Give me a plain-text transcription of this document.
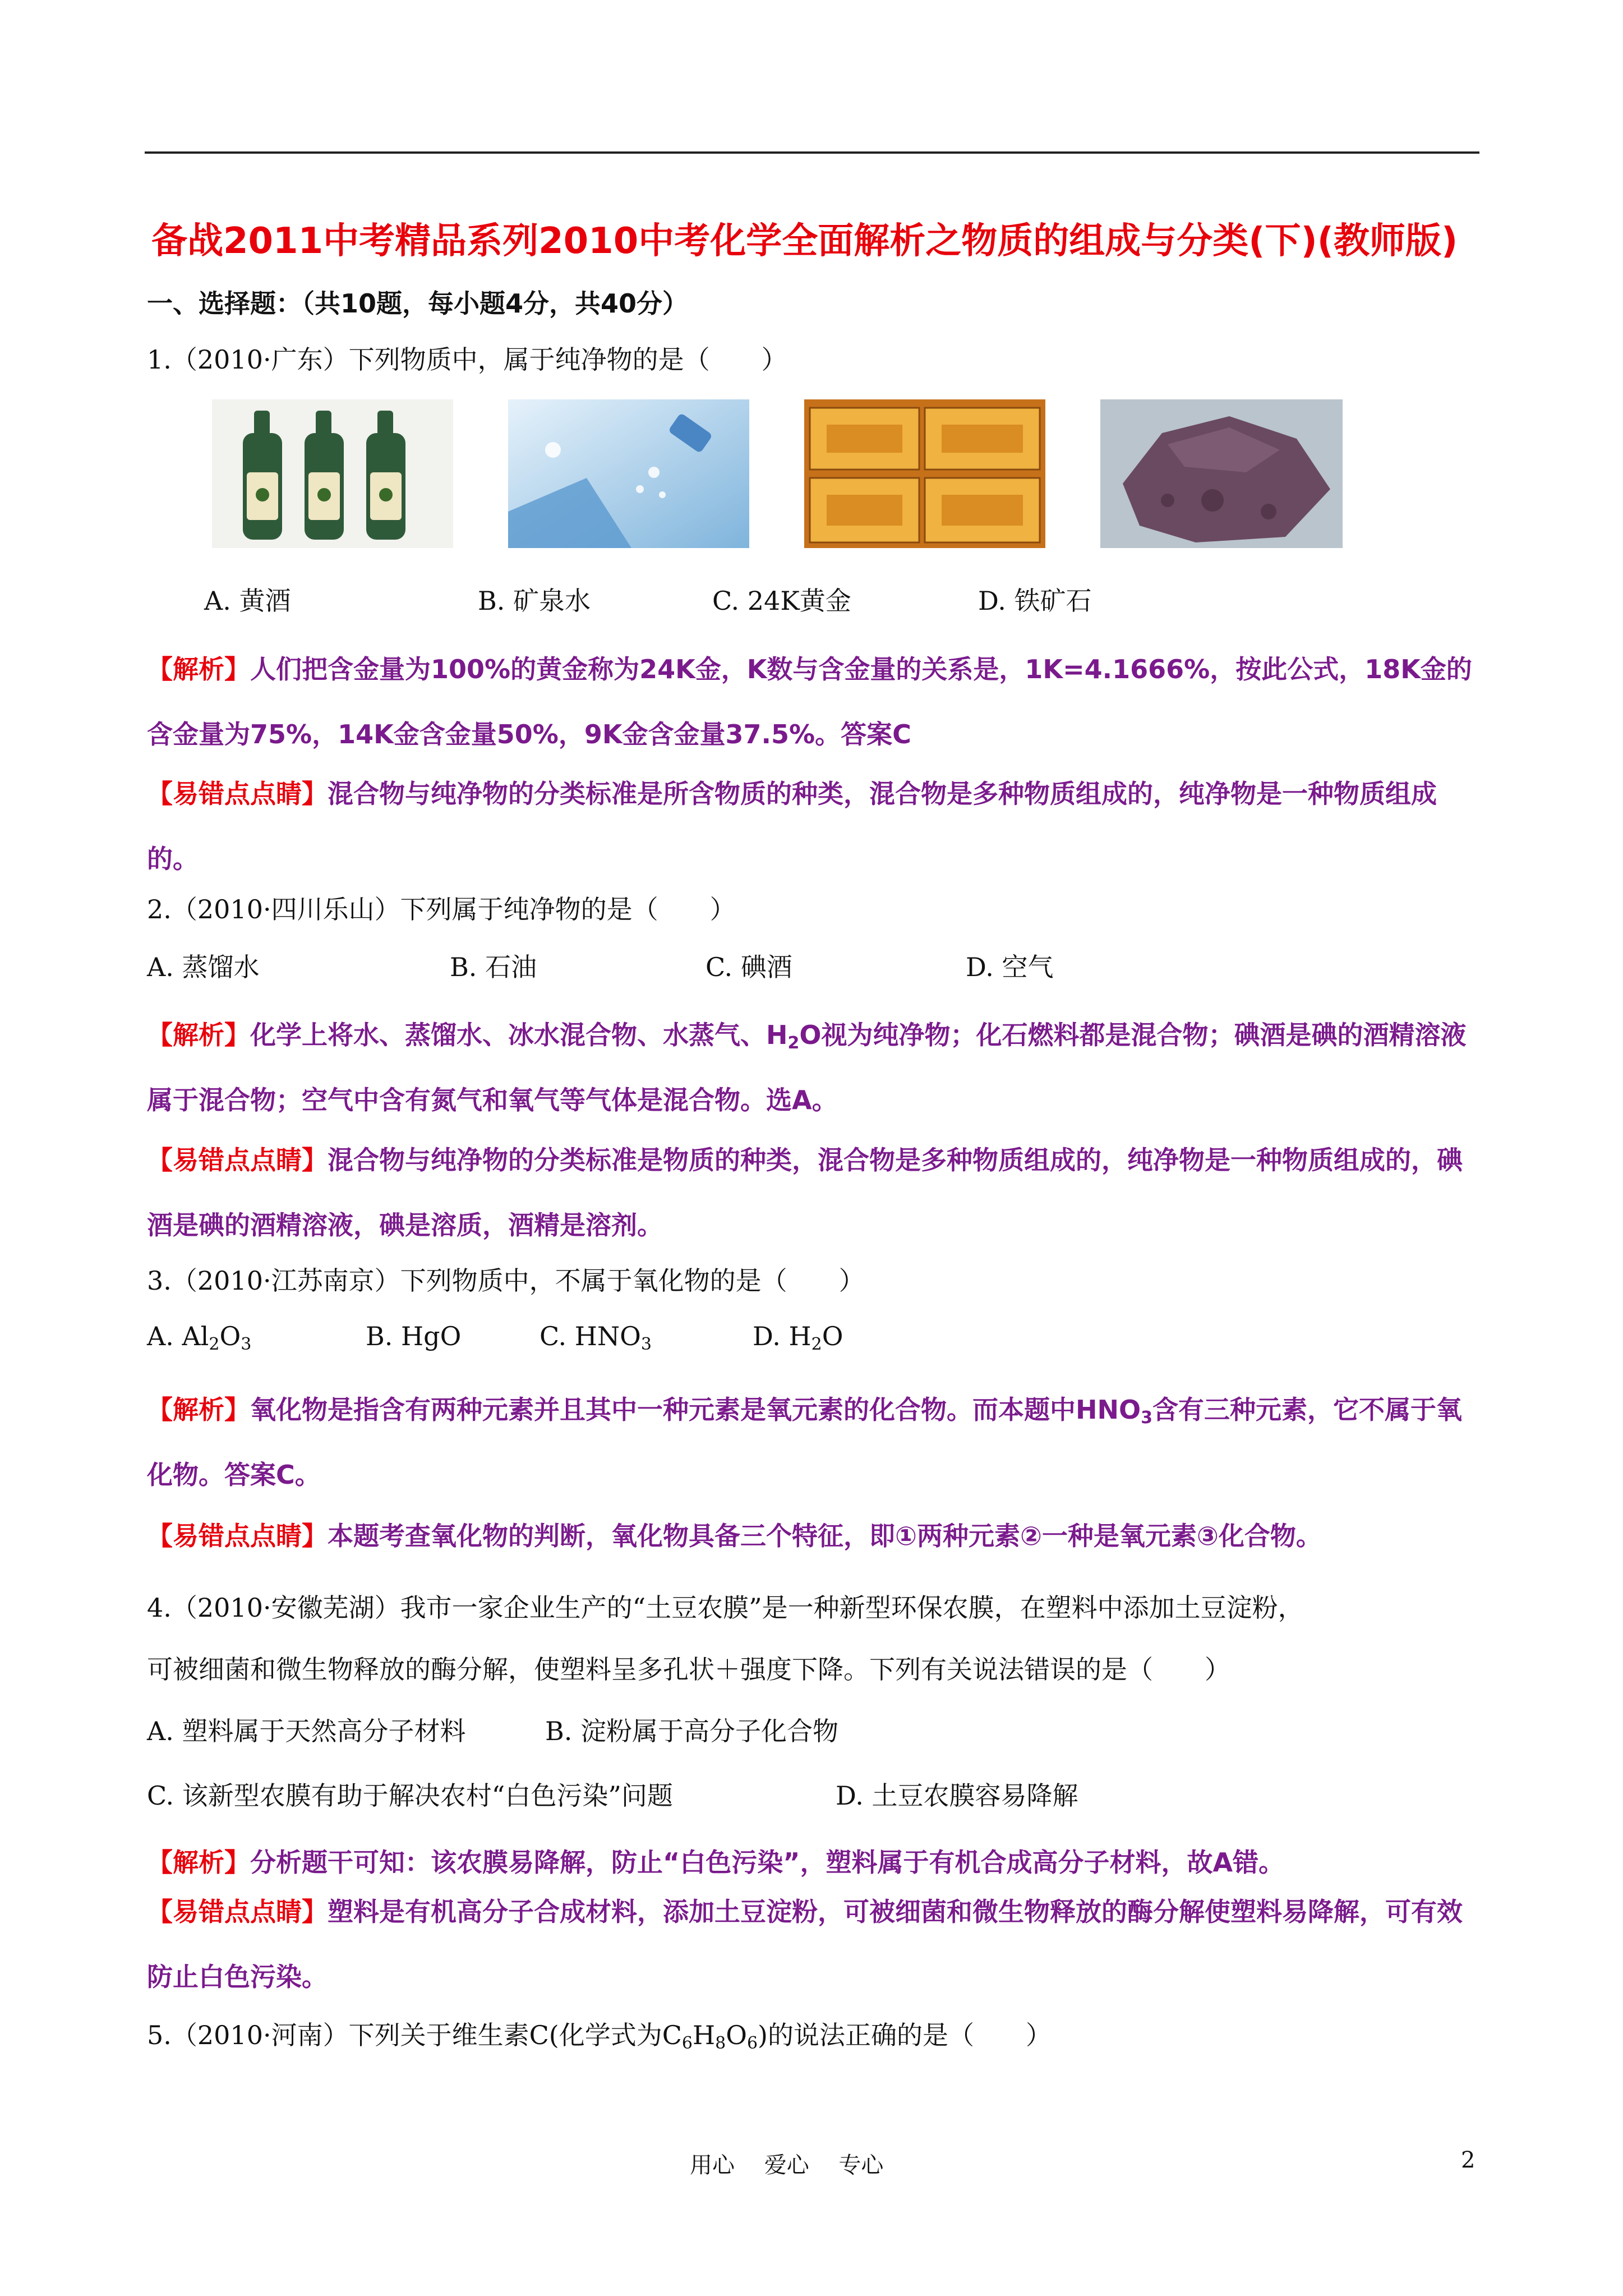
备战2011中考精品系列2010中考化学全面解析之物质的组成与分类(下)(教师版)
一、选择题：（共10题，每小题4分，共40分）
1.（2010·广东）下列物质中，属于纯净物的是（　　）
A. 黄酒	B. 矿泉水	C. 24K黄金	D. 铁矿石
【解析】人们把含金量为100%的黄金称为24K金，K数与含金量的关系是，1K=4.1666%，按此公式，18K金的含金量为75%，14K金含金量50%，9K金含金量37.5%。答案C
【易错点点睛】混合物与纯净物的分类标准是所含物质的种类，混合物是多种物质组成的，纯净物是一种物质组成的。
2.（2010·四川乐山）下列属于纯净物的是（　　）
A. 蒸馏水	B. 石油	C. 碘酒	D. 空气
【解析】化学上将水、蒸馏水、冰水混合物、水蒸气、$H_2O$视为纯净物；化石燃料都是混合物；碘酒是碘的酒精溶液属于混合物；空气中含有氮气和氧气等气体是混合物。选A。
【易错点点睛】混合物与纯净物的分类标准是物质的种类，混合物是多种物质组成的，纯净物是一种物质组成的，碘酒是碘的酒精溶液，碘是溶质，酒精是溶剂。
3.（2010·江苏南京）下列物质中，不属于氧化物的是（　　）
A. $Al_2O_3$	B. HgO	C. $HNO_3$	D. $H_2O$
【解析】氧化物是指含有两种元素并且其中一种元素是氧元素的化合物。而本题中$HNO_3$含有三种元素，它不属于氧化物。答案C。
【易错点点睛】本题考查氧化物的判断，氧化物具备三个特征，即①两种元素②一种是氧元素③化合物。
4.（2010·安徽芜湖）我市一家企业生产的“土豆农膜”是一种新型环保农膜，在塑料中添加土豆淀粉，
可被细菌和微生物释放的酶分解，使塑料呈多孔状＋强度下降。下列有关说法错误的是（　　）
A. 塑料属于天然高分子材料	B. 淀粉属于高分子化合物
C. 该新型农膜有助于解决农村“白色污染”问题	D. 土豆农膜容易降解
【解析】分析题干可知：该农膜易降解，防止“白色污染”，塑料属于有机合成高分子材料，故A错。
【易错点点睛】塑料是有机高分子合成材料，添加土豆淀粉，可被细菌和微生物释放的酶分解使塑料易降解，可有效防止白色污染。
5.（2010·河南）下列关于维生素C(化学式为$C_6H_8O_6$)的说法正确的是（　　）
用心 爱心 专心	2
